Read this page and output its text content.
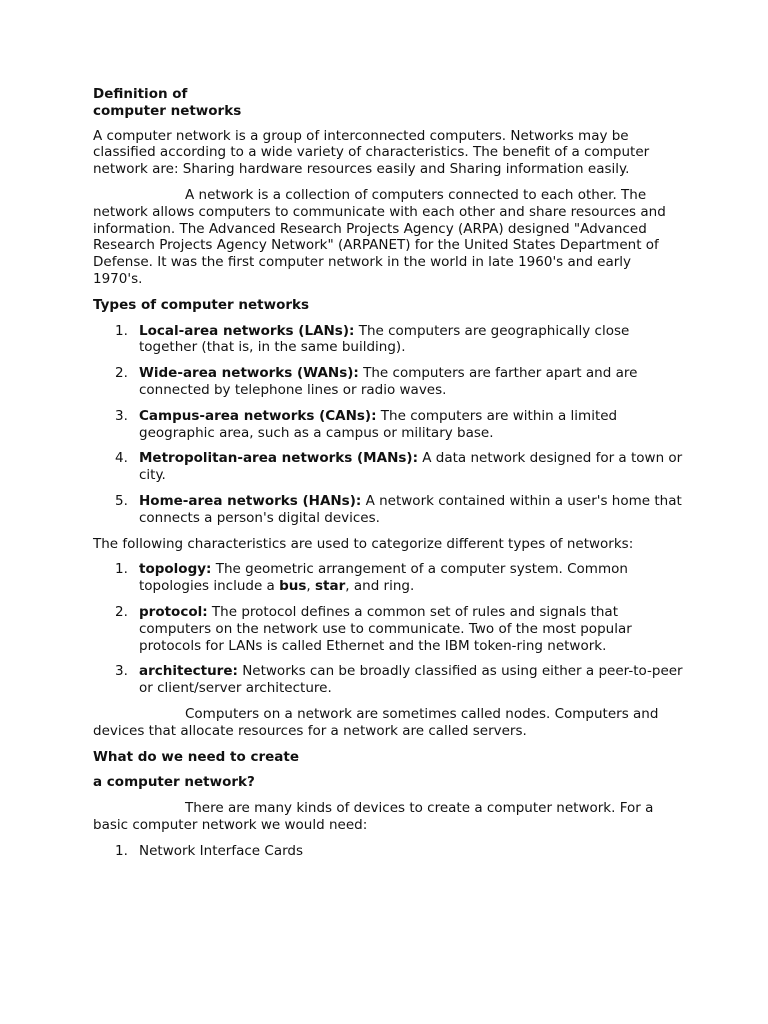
Definition of
computer networks

A computer network is a group of interconnected computers. Networks may be classified according to a wide variety of characteristics. The benefit of a computer network are: Sharing hardware resources easily and Sharing information easily.

A network is a collection of computers connected to each other. The network allows computers to communicate with each other and share resources and information. The Advanced Research Projects Agency (ARPA) designed "Advanced Research Projects Agency Network" (ARPANET) for the United States Department of Defense. It was the first computer network in the world in late 1960's and early 1970's.

Types of computer networks
1. Local-area networks (LANs): The computers are geographically close together (that is, in the same building).
2. Wide-area networks (WANs): The computers are farther apart and are connected by telephone lines or radio waves.
3. Campus-area networks (CANs): The computers are within a limited geographic area, such as a campus or military base.
4. Metropolitan-area networks (MANs): A data network designed for a town or city.
5. Home-area networks (HANs): A network contained within a user's home that connects a person's digital devices.

The following characteristics are used to categorize different types of networks:

1. topology: The geometric arrangement of a computer system. Common topologies include a bus, star, and ring.
2. protocol: The protocol defines a common set of rules and signals that computers on the network use to communicate. Two of the most popular protocols for LANs is called Ethernet and the IBM token-ring network.
3. architecture: Networks can be broadly classified as using either a peer-to-peer or client/server architecture.

Computers on a network are sometimes called nodes. Computers and devices that allocate resources for a network are called servers.

What do we need to create
a computer network?

There are many kinds of devices to create a computer network. For a basic computer network we would need:

1. Network Interface Cards
